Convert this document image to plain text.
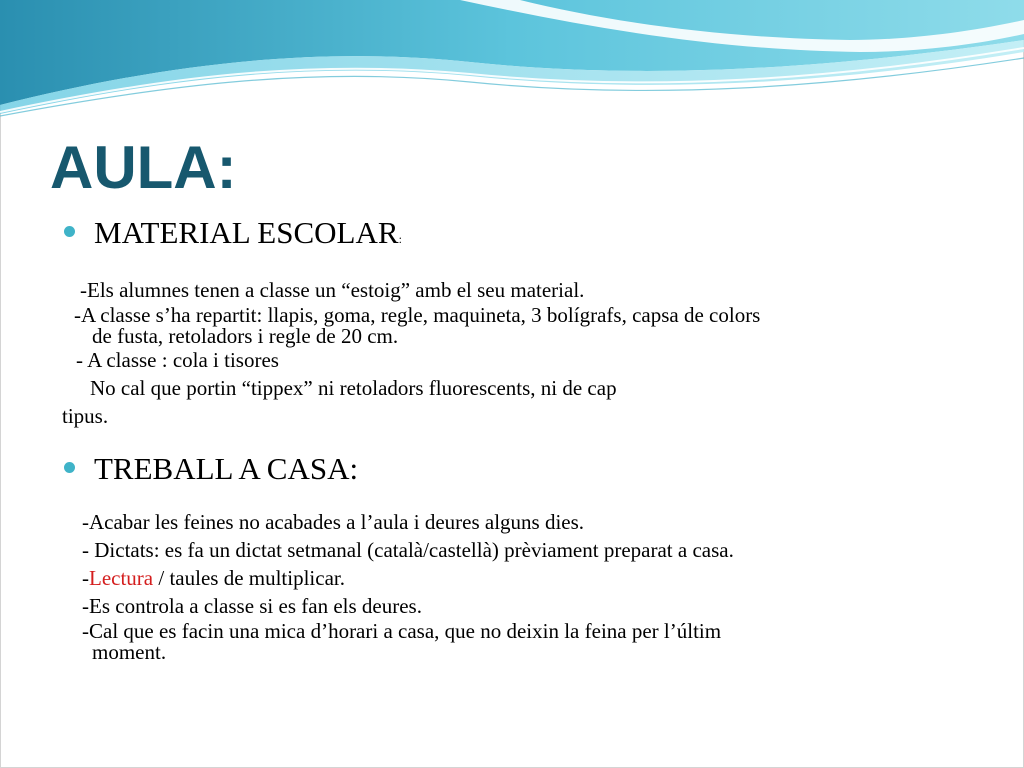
AULA:

MATERIAL ESCOLAR:

-Els alumnes tenen a classe un “estoig” amb el seu material.

-A classe s’ha repartit: llapis, goma, regle, maquineta, 3 bolígrafs, capsa de colors

de fusta, retoladors i regle de 20 cm.

- A classe : cola i tisores

No cal que portin “tippex” ni retoladors fluorescents, ni de cap

tipus.

TREBALL A CASA:

-Acabar les feines no acabades a l’aula i deures alguns dies.

- Dictats: es fa un dictat setmanal (català/castellà) prèviament preparat a casa.

-Lectura / taules de multiplicar.

-Es controla a classe si es fan els deures.

-Cal que es facin una mica d’horari a casa, que no deixin la feina per l’últim

moment.
